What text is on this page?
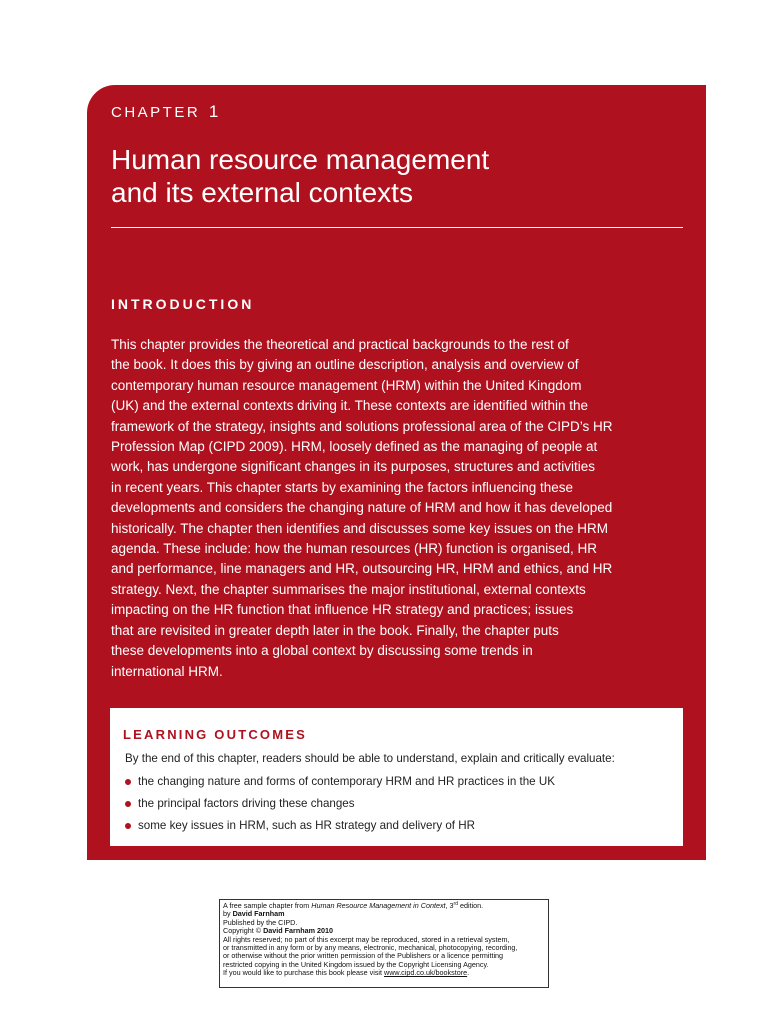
CHAPTER 1
Human resource management
and its external contexts
INTRODUCTION

This chapter provides the theoretical and practical backgrounds to the rest of
the book. It does this by giving an outline description, analysis and overview of
contemporary human resource management (HRM) within the United Kingdom
(UK) and the external contexts driving it. These contexts are identified within the
framework of the strategy, insights and solutions professional area of the CIPD’s HR
Profession Map (CIPD 2009). HRM, loosely defined as the managing of people at
work, has undergone significant changes in its purposes, structures and activities
in recent years. This chapter starts by examining the factors influencing these
developments and considers the changing nature of HRM and how it has developed
historically. The chapter then identifies and discusses some key issues on the HRM
agenda. These include: how the human resources (HR) function is organised, HR
and performance, line managers and HR, outsourcing HR, HRM and ethics, and HR
strategy. Next, the chapter summarises the major institutional, external contexts
impacting on the HR function that influence HR strategy and practices; issues
that are revisited in greater depth later in the book. Finally, the chapter puts
these developments into a global context by discussing some trends in
international HRM.

LEARNING OUTCOMES

By the end of this chapter, readers should be able to understand, explain and critically evaluate:

the changing nature and forms of contemporary HRM and HR practices in the UK
the principal factors driving these changes
some key issues in HRM, such as HR strategy and delivery of HR
A free sample chapter from Human Resource Management in Context, 3rd edition.
by David Farnham
Published by the CIPD.
Copyright © David Farnham 2010
All rights reserved; no part of this excerpt may be reproduced, stored in a retrieval system,
or transmitted in any form or by any means, electronic, mechanical, photocopying, recording,
or otherwise without the prior written permission of the Publishers or a licence permitting
restricted copying in the United Kingdom issued by the Copyright Licensing Agency.
If you would like to purchase this book please visit www.cipd.co.uk/bookstore.
